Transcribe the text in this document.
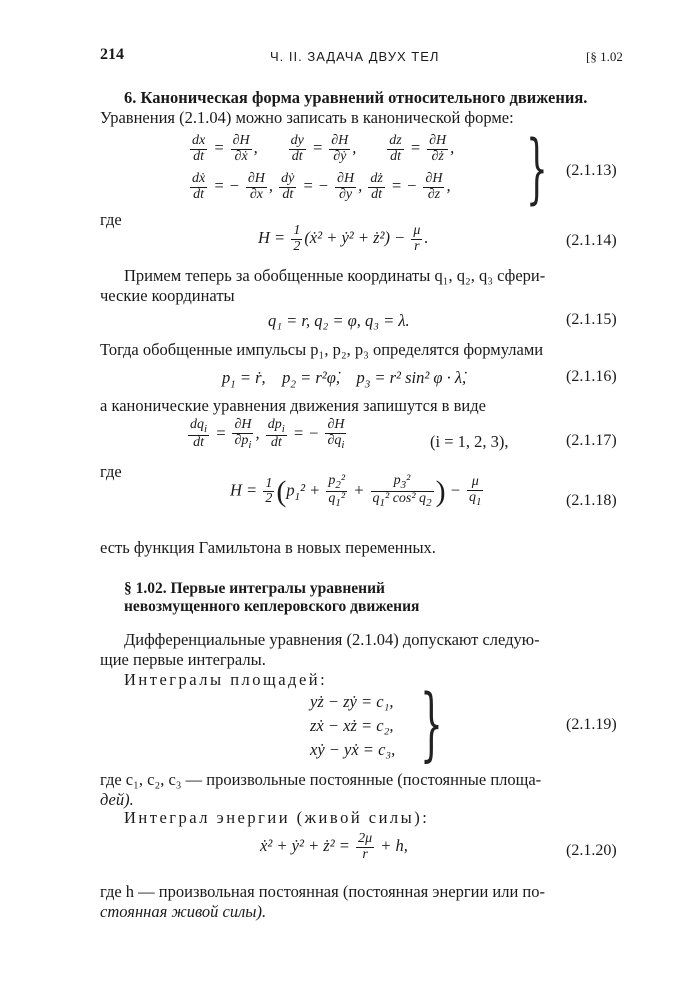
214	Ч. II. ЗАДАЧА ДВУХ ТЕЛ	[§ 1.02
6. Каноническая форма уравнений относительного движения.
Уравнения (2.1.04) можно записать в канонической форме:
$\frac{dx}{dt} = \frac{\partial H}{\text{∂ẋ}}$ , $\frac{dy}{dt} = \frac{\partial H}{\text{∂ẏ}}$ , $\frac{dz}{dt} = \frac{\partial H}{\partial ż}$ ,
$\frac{\text{dẋ}}{dt}$ = − $\frac{\partial H}{\partial x}$ , $\frac{\text{dẏ}}{dt}$ = − $\frac{\partial H}{\partial y}$ , $\frac{dż}{dt}$ = − $\frac{\partial H}{\partial z}$ , } (2.1.13)
где
$H = \frac{1}{2}$ (ẋ² + ẏ² + ż²) − $\frac{\mu}{r}$ .	(2.1.14)
Примем теперь за обобщенные координаты q₁, q₂, q₃ сфери-
ческие координаты
q₁ = r, q₂ = φ, q₃ = λ.	(2.1.15)
Тогда обобщенные импульсы p₁, p₂, p₃ определятся формулами
$p_1$ = ṙ,    $p_2$ = r²φ̇,    $p_3 = r^2$ sin² φ · λ̇,	(2.1.16)
а канонические уравнения движения запишутся в виде
$\frac{dq_i}{dt} = \frac{\partial H}{\partial p_i}$ , $\frac{dp_i}{dt}$ = − $\frac{\partial H}{\partial q_i}$	(i = 1, 2, 3),	(2.1.17)
где
$H = \frac{1}{2} (p_1^2 + \frac{p_2^2}{q_1^2} + \frac{p_3^2}{q_1^2 \cos^2 q_2}$ ) − $\frac{\mu}{q_1}$	(2.1.18)
есть функция Гамильтона в новых переменных.
§ 1.02. Первые интегралы уравнений
невозмущенного кеплеровского движения
Дифференциальные уравнения (2.1.04) допускают следую-
щие первые интегралы.
Интегралы площадей:
yż − zẏ = c₁,
zẋ − xż = c₂,
xẏ − yẋ = c₃, }	(2.1.19)
где c₁, c₂, c₃ — произвольные постоянные (постоянные площа-
дей).
Интеграл энергии (живой силы):
ẋ² + ẏ² + ż² = $\frac{2\mu}{r} + h$,	(2.1.20)
где h — произвольная постоянная (постоянная энергии или по-
стоянная живой силы).
